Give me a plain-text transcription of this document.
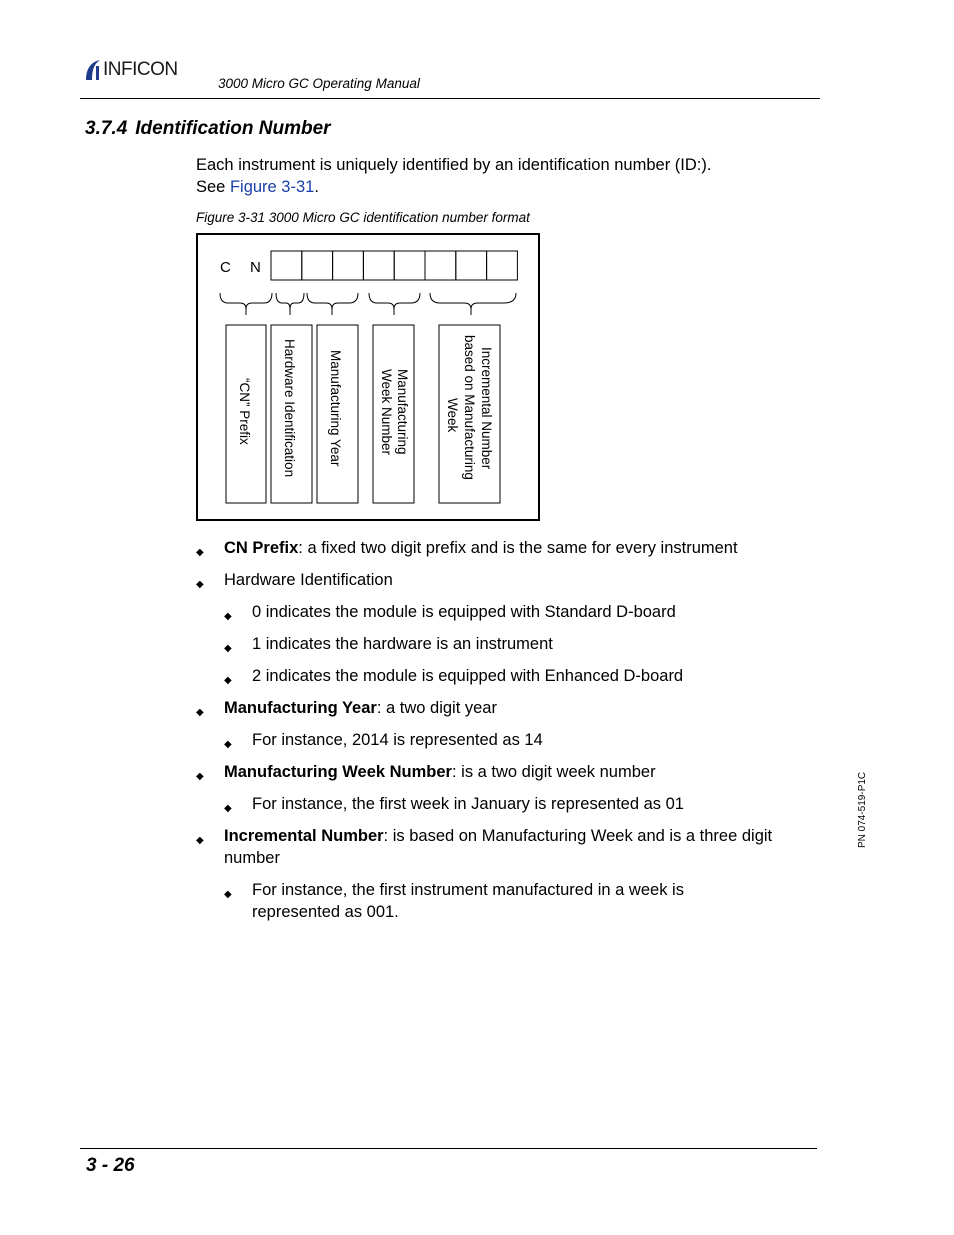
INFICON
3000 Micro GC Operating Manual
3.7.4 Identification Number
Each instrument is uniquely identified by an identification number (ID:).
See Figure 3-31.
Figure 3-31 3000 Micro GC identification number format
C N
“CN” Prefix Hardware Identification Manufacturing Year	Manufacturing
Week Number	Incremental Number
based on Manufacturing
Week
◆ CN Prefix: a fixed two digit prefix and is the same for every instrument
◆ Hardware Identification
◆ 0 indicates the module is equipped with Standard D-board
◆ 1 indicates the hardware is an instrument
◆ 2 indicates the module is equipped with Enhanced D-board
◆ Manufacturing Year: a two digit year
◆ For instance, 2014 is represented as 14
◆ Manufacturing Week Number: is a two digit week number
◆ For instance, the first week in January is represented as 01
◆ Incremental Number: is based on Manufacturing Week and is a three digit
number
◆ For instance, the first instrument manufactured in a week is
represented as 001.
PN 074-519-P1C
3 - 26
